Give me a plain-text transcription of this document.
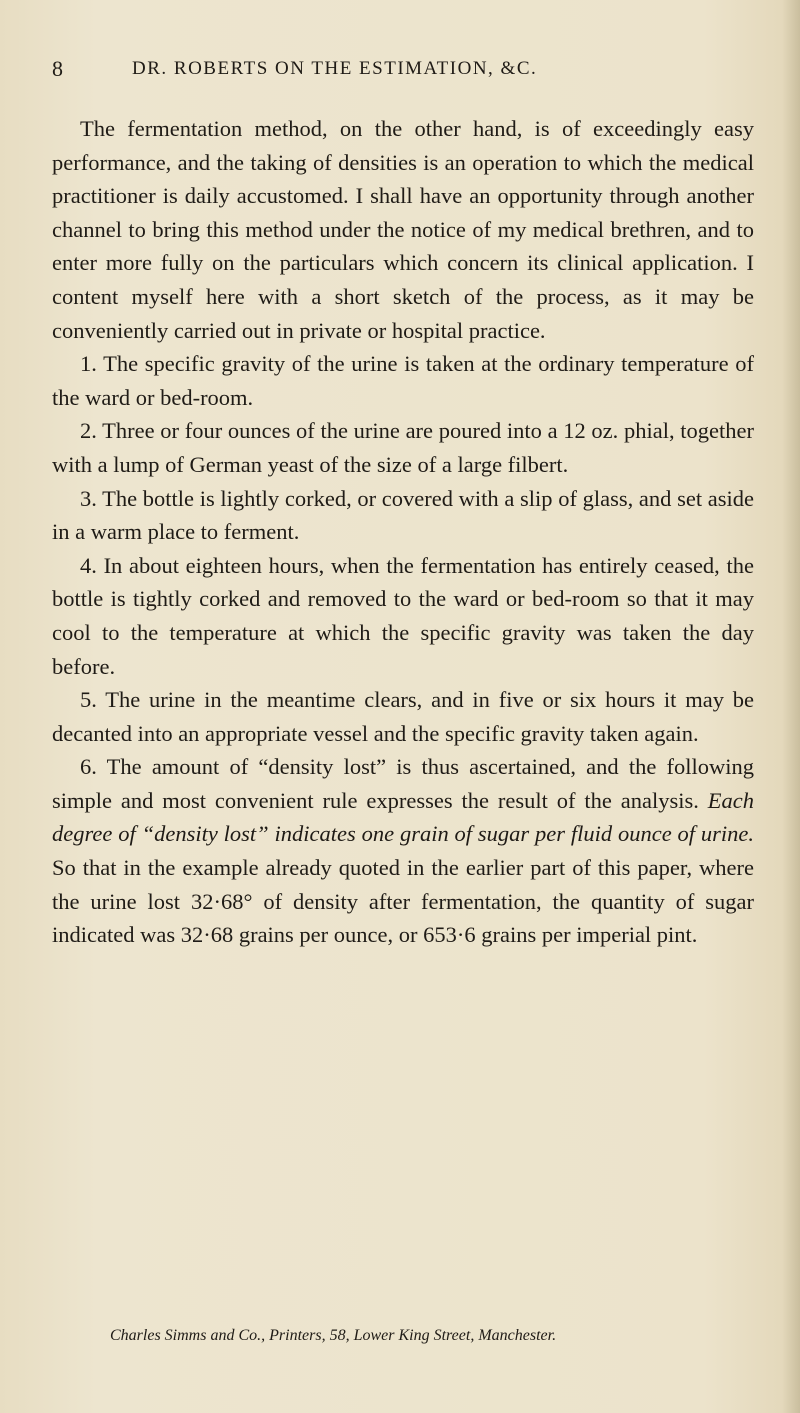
8	DR. ROBERTS ON THE ESTIMATION, &C.

The fermentation method, on the other hand, is of exceedingly easy performance, and the taking of densities is an operation to which the medical practitioner is daily accustomed. I shall have an opportunity through another channel to bring this method under the notice of my medical brethren, and to enter more fully on the particulars which concern its clinical application. I content myself here with a short sketch of the process, as it may be conveniently carried out in private or hospital practice.

1. The specific gravity of the urine is taken at the ordinary temperature of the ward or bed-room.

2. Three or four ounces of the urine are poured into a 12 oz. phial, together with a lump of German yeast of the size of a large filbert.

3. The bottle is lightly corked, or covered with a slip of glass, and set aside in a warm place to ferment.

4. In about eighteen hours, when the fermentation has entirely ceased, the bottle is tightly corked and removed to the ward or bed-room so that it may cool to the temperature at which the specific gravity was taken the day before.

5. The urine in the meantime clears, and in five or six hours it may be decanted into an appropriate vessel and the specific gravity taken again.

6. The amount of “density lost” is thus ascertained, and the following simple and most convenient rule expresses the result of the analysis. Each degree of “density lost” indicates one grain of sugar per fluid ounce of urine. So that in the example already quoted in the earlier part of this paper, where the urine lost 32·68° of density after fermentation, the quantity of sugar indicated was 32·68 grains per ounce, or 653·6 grains per imperial pint.

Charles Simms and Co., Printers, 58, Lower King Street, Manchester.
